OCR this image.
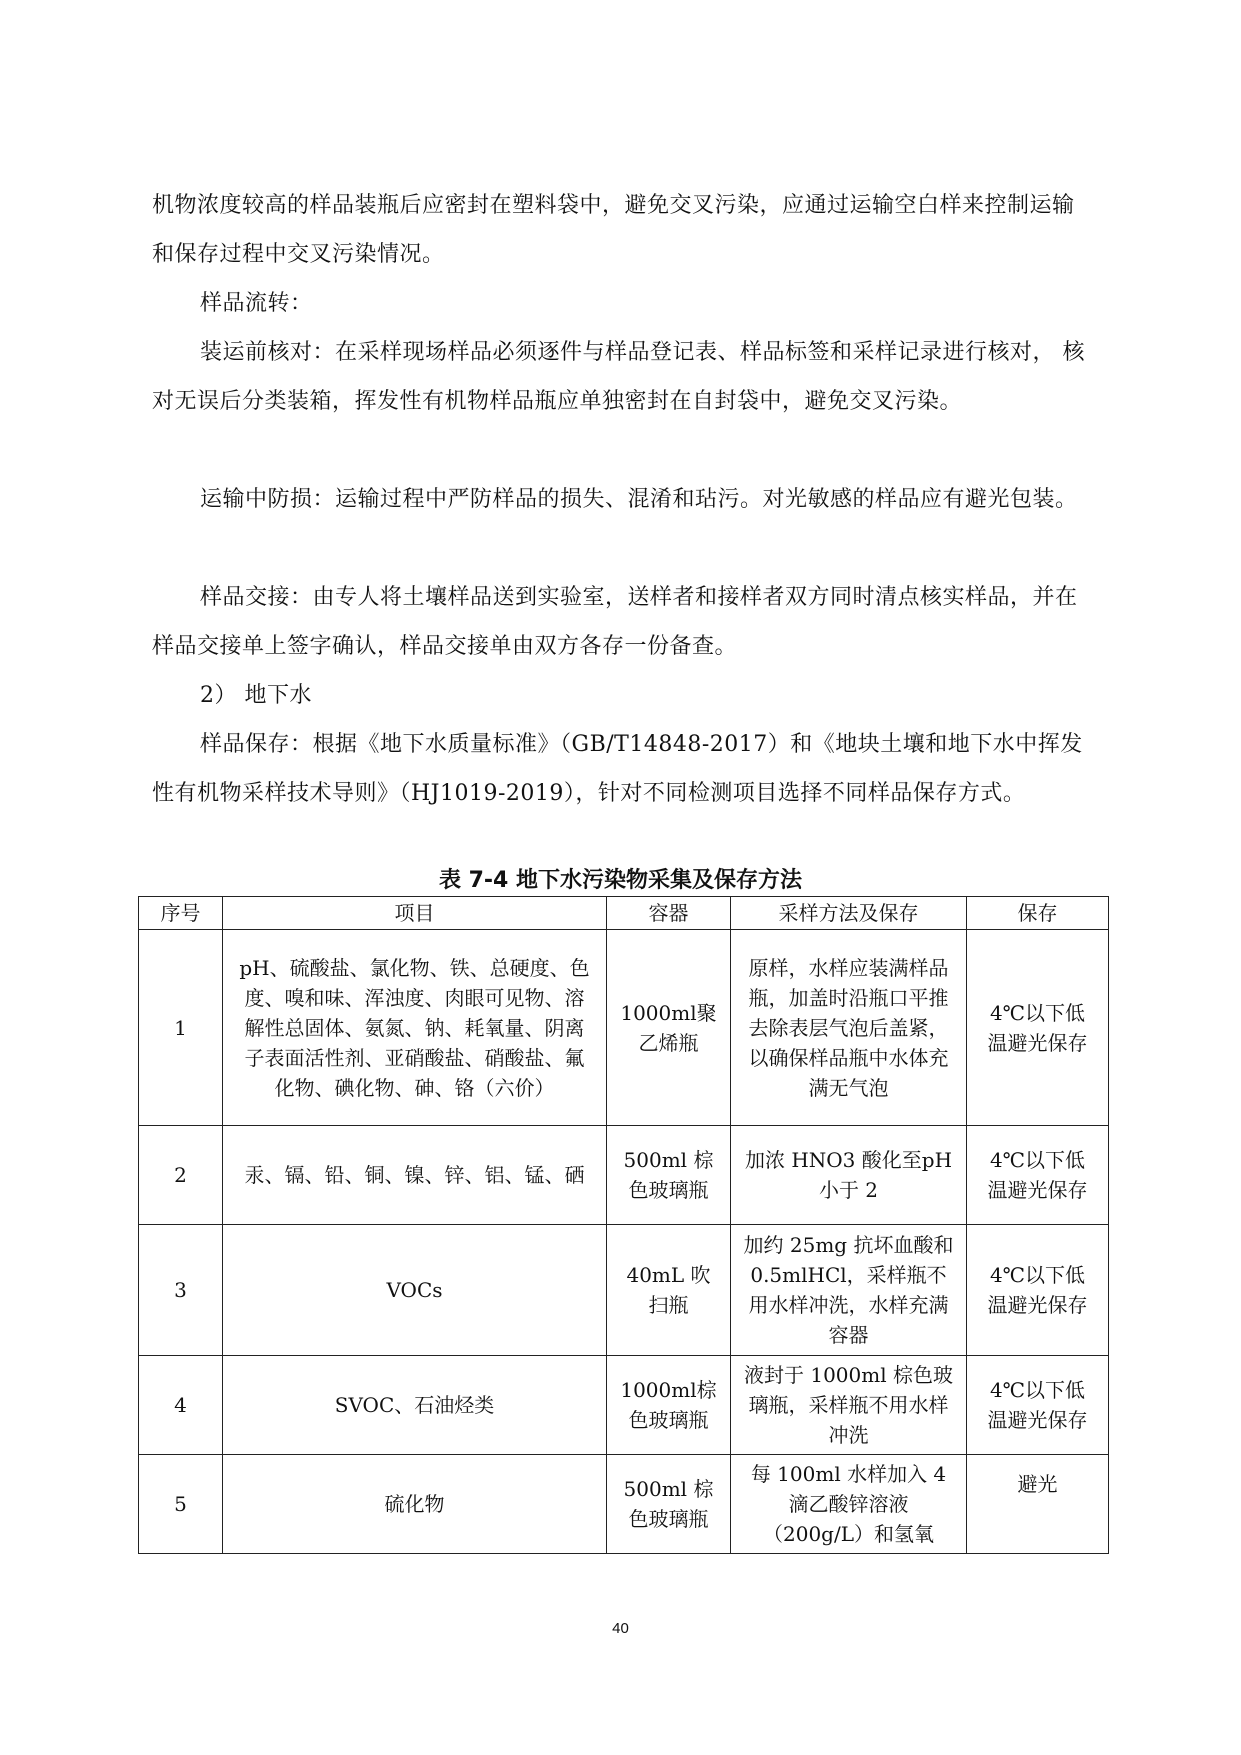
机物浓度较高的样品装瓶后应密封在塑料袋中，避免交叉污染，应通过运输空白样来控制运输和保存过程中交叉污染情况。
样品流转：
装运前核对：在采样现场样品必须逐件与样品登记表、样品标签和采样记录进行核对， 核对无误后分类装箱，挥发性有机物样品瓶应单独密封在自封袋中，避免交叉污染。
运输中防损：运输过程中严防样品的损失、混淆和玷污。对光敏感的样品应有避光包装。
样品交接：由专人将土壤样品送到实验室，送样者和接样者双方同时清点核实样品，并在样品交接单上签字确认，样品交接单由双方各存一份备查。
2） 地下水
样品保存：根据《地下水质量标准》（GB/T14848-2017）和《地块土壤和地下水中挥发性有机物采样技术导则》（HJ1019-2019），针对不同检测项目选择不同样品保存方式。
表 7-4 地下水污染物采集及保存方法
序号	项目	容器	采样方法及保存	保存
1	pH、硫酸盐、氯化物、铁、总硬度、色度、嗅和味、浑浊度、肉眼可见物、溶解性总固体、氨氮、钠、耗氧量、阴离子表面活性剂、亚硝酸盐、硝酸盐、氟化物、碘化物、砷、铬（六价）	1000ml聚乙烯瓶	原样，水样应装满样品瓶，加盖时沿瓶口平推去除表层气泡后盖紧，以确保样品瓶中水体充满无气泡	4℃以下低温避光保存
2	汞、镉、铅、铜、镍、锌、铝、锰、硒	500ml 棕色玻璃瓶	加浓 HNO3 酸化至pH 小于 2	4℃以下低温避光保存
3	VOCs	40mL 吹扫瓶	加约 25mg 抗坏血酸和 0.5mlHCl，采样瓶不用水样冲洗，水样充满容器	4℃以下低温避光保存
4	SVOC、石油烃类	1000ml棕色玻璃瓶	液封于 1000ml 棕色玻璃瓶，采样瓶不用水样冲洗	4℃以下低温避光保存
5	硫化物	500ml 棕色玻璃瓶	每 100ml 水样加入 4 滴乙酸锌溶液（200g/L）和氢氧	避光
40
